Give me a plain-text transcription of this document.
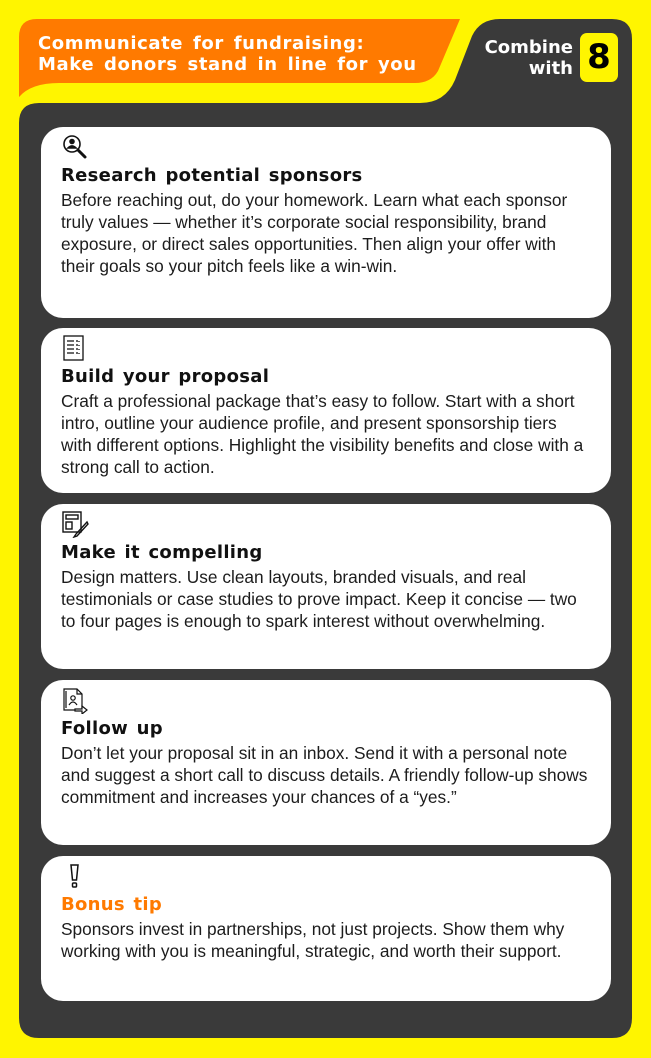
Communicate for fundraising:
Make donors stand in line for you
Combine
with 8
Research potential sponsors
Before reaching out, do your homework. Learn what each sponsor truly values — whether it’s corporate social responsibility, brand exposure, or direct sales opportunities. Then align your offer with their goals so your pitch feels like a win-win.
Build your proposal
Craft a professional package that’s easy to follow. Start with a short intro, outline your audience profile, and present sponsorship tiers with different options. Highlight the visibility benefits and close with a strong call to action.
Make it compelling
Design matters. Use clean layouts, branded visuals, and real testimonials or case studies to prove impact. Keep it concise — two to four pages is enough to spark interest without overwhelming.
Follow up
Don’t let your proposal sit in an inbox. Send it with a personal note and suggest a short call to discuss details. A friendly follow-up shows commitment and increases your chances of a “yes.”
Bonus tip
Sponsors invest in partnerships, not just projects. Show them why working with you is meaningful, strategic, and worth their support.
